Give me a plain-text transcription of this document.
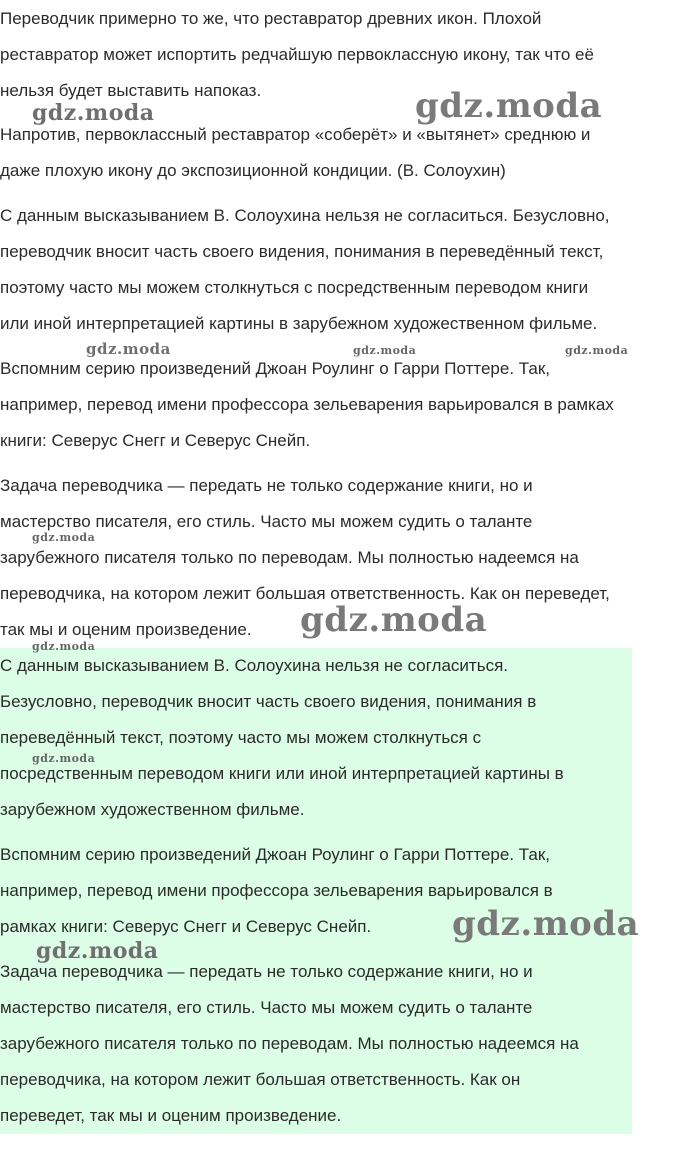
Переводчик примерно то же, что реставратор древних икон. Плохой
реставратор может испортить редчайшую первоклассную икону, так что её
нельзя будет выставить напоказ.
Напротив, первоклассный реставратор «соберёт» и «вытянет» среднюю и
даже плохую икону до экспозиционной кондиции. (В. Солоухин)
С данным высказыванием В. Солоухина нельзя не согласиться. Безусловно,
переводчик вносит часть своего видения, понимания в переведённый текст,
поэтому часто мы можем столкнуться с посредственным переводом книги
или иной интерпретацией картины в зарубежном художественном фильме.
Вспомним серию произведений Джоан Роулинг о Гарри Поттере. Так,
например, перевод имени профессора зельеварения варьировался в рамках
книги: Северус Снегг и Северус Снейп.
Задача переводчика — передать не только содержание книги, но и
мастерство писателя, его стиль. Часто мы можем судить о таланте
зарубежного писателя только по переводам. Мы полностью надеемся на
переводчика, на котором лежит большая ответственность. Как он переведет,
так мы и оценим произведение.
С данным высказыванием В. Солоухина нельзя не согласиться.
Безусловно, переводчик вносит часть своего видения, понимания в
переведённый текст, поэтому часто мы можем столкнуться с
посредственным переводом книги или иной интерпретацией картины в
зарубежном художественном фильме.
Вспомним серию произведений Джоан Роулинг о Гарри Поттере. Так,
например, перевод имени профессора зельеварения варьировался в
рамках книги: Северус Снегг и Северус Снейп.
Задача переводчика — передать не только содержание книги, но и
мастерство писателя, его стиль. Часто мы можем судить о таланте
зарубежного писателя только по переводам. Мы полностью надеемся на
переводчика, на котором лежит большая ответственность. Как он
переведет, так мы и оценим произведение.
gdz.moda	gdz.moda
gdz.moda	gdz.moda	gdz.moda
gdz.moda
gdz.moda
gdz.moda
gdz.moda
gdz.moda
gdz.moda
